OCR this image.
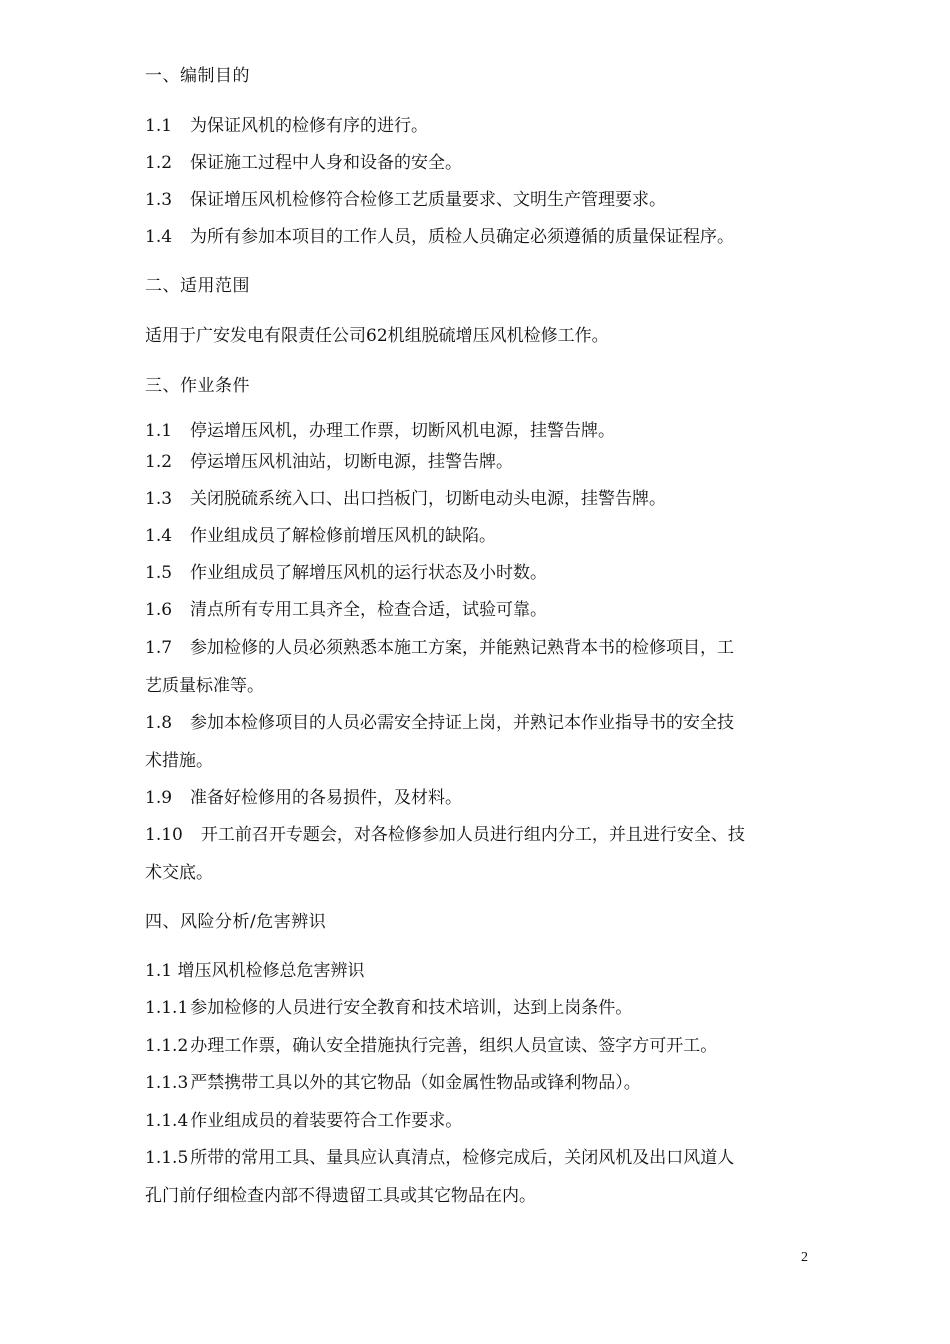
一、编制目的
1.1 为保证风机的检修有序的进行。
1.2 保证施工过程中人身和设备的安全。
1.3 保证增压风机检修符合检修工艺质量要求、文明生产管理要求。
1.4 为所有参加本项目的工作人员，质检人员确定必须遵循的质量保证程序。
二、适用范围
适用于广安发电有限责任公司62机组脱硫增压风机检修工作。
三、作业条件
1.1 停运增压风机，办理工作票，切断风机电源，挂警告牌。
1.2 停运增压风机油站，切断电源，挂警告牌。
1.3 关闭脱硫系统入口、出口挡板门，切断电动头电源，挂警告牌。
1.4 作业组成员了解检修前增压风机的缺陷。
1.5 作业组成员了解增压风机的运行状态及小时数。
1.6 清点所有专用工具齐全，检查合适，试验可靠。
1.7 参加检修的人员必须熟悉本施工方案，并能熟记熟背本书的检修项目，工
艺质量标准等。
1.8 参加本检修项目的人员必需安全持证上岗，并熟记本作业指导书的安全技
术措施。
1.9 准备好检修用的各易损件，及材料。
1.10 开工前召开专题会，对各检修参加人员进行组内分工，并且进行安全、技
术交底。
四、风险分析/危害辨识
1.1 增压风机检修总危害辨识
1.1.1 参加检修的人员进行安全教育和技术培训，达到上岗条件。
1.1.2 办理工作票，确认安全措施执行完善，组织人员宣读、签字方可开工。
1.1.3 严禁携带工具以外的其它物品（如金属性物品或锋利物品）。
1.1.4 作业组成员的着装要符合工作要求。
1.1.5 所带的常用工具、量具应认真清点，检修完成后，关闭风机及出口风道人
孔门前仔细检查内部不得遗留工具或其它物品在内。
2
